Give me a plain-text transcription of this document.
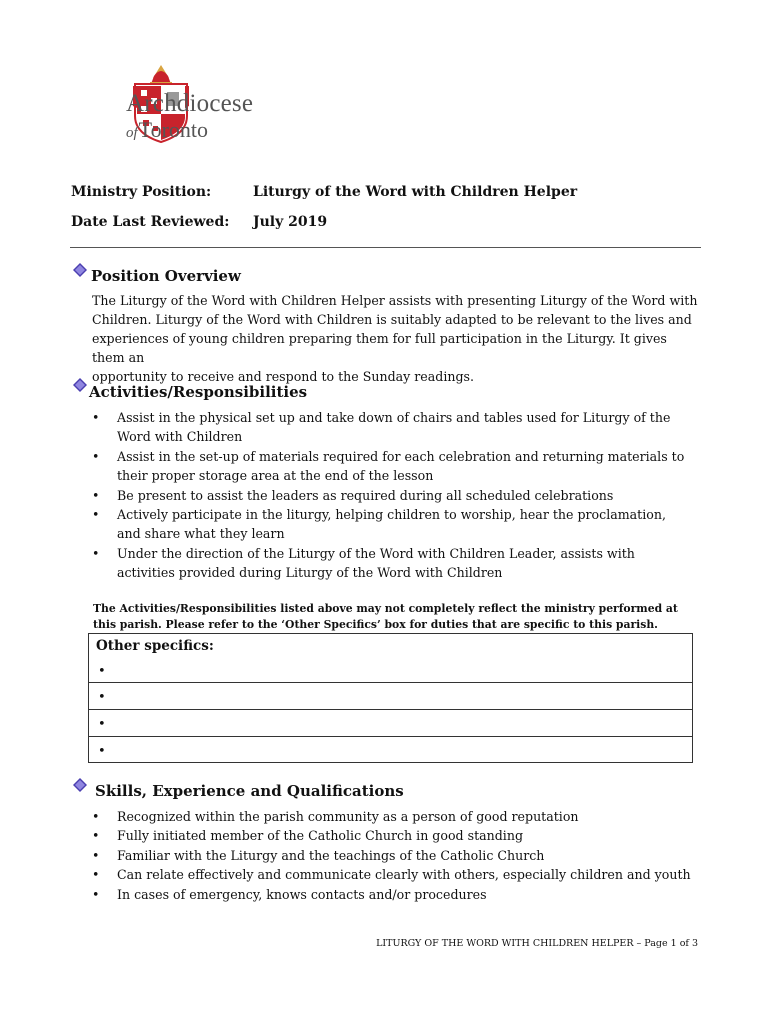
Archdiocese
ofToronto
Ministry Position:	Liturgy of the Word with Children Helper
Date Last Reviewed: July 2019
Position Overview
The Liturgy of the Word with Children Helper assists with presenting Liturgy of the Word with
Children. Liturgy of the Word with Children is suitably adapted to be relevant to the lives and
experiences of young children preparing them for full participation in the Liturgy. It gives them an
opportunity to receive and respond to the Sunday readings.
Activities/Responsibilities
• Assist in the physical set up and take down of chairs and tables used for Liturgy of the Word with Children
• Assist in the set-up of materials required for each celebration and returning materials to their proper storage area at the end of the lesson
• Be present to assist the leaders as required during all scheduled celebrations
• Actively participate in the liturgy, helping children to worship, hear the proclamation, and share what they learn
• Under the direction of the Liturgy of the Word with Children Leader, assists with activities provided during Liturgy of the Word with Children
The Activities/Responsibilities listed above may not completely reflect the ministry performed at this parish. Please refer to the ‘Other Specifics’ box for duties that are specific to this parish.
Other specifics:
•
•
•
•
Skills, Experience and Qualifications
• Recognized within the parish community as a person of good reputation
• Fully initiated member of the Catholic Church in good standing
• Familiar with the Liturgy and the teachings of the Catholic Church
• Can relate effectively and communicate clearly with others, especially children and youth
• In cases of emergency, knows contacts and/or procedures
LITURGY OF THE WORD WITH CHILDREN HELPER – Page 1 of 3
